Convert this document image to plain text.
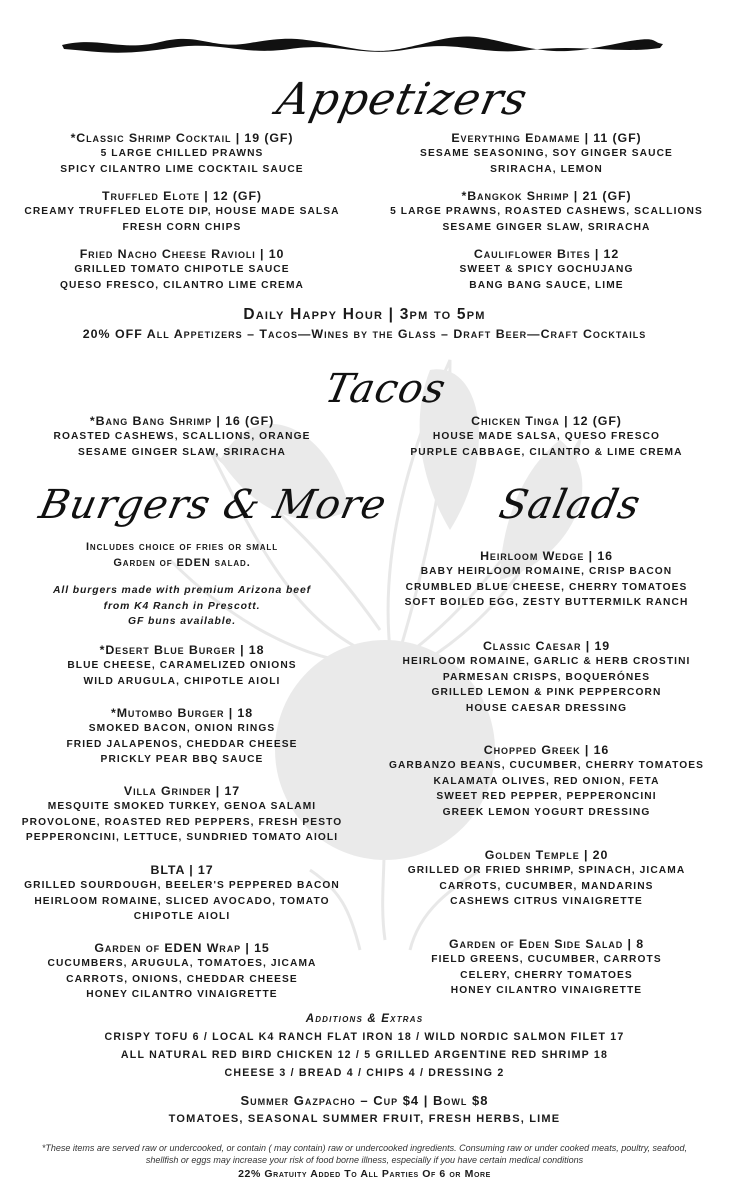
Appetizers
*Classic Shrimp Cocktail | 19 (GF)
5 LARGE CHILLED PRAWNS
SPICY CILANTRO LIME COCKTAIL SAUCE
Truffled Elote | 12 (GF)
CREAMY TRUFFLED ELOTE DIP, HOUSE MADE SALSA
FRESH CORN CHIPS
Fried Nacho Cheese Ravioli | 10
GRILLED TOMATO CHIPOTLE SAUCE
QUESO FRESCO, CILANTRO LIME CREMA
Everything Edamame | 11 (GF)
SESAME SEASONING, SOY GINGER SAUCE
SRIRACHA, LEMON
*Bangkok Shrimp | 21 (GF)
5 LARGE PRAWNS, ROASTED CASHEWS, SCALLIONS
SESAME GINGER SLAW, SRIRACHA
Cauliflower Bites | 12
SWEET & SPICY GOCHUJANG
BANG BANG SAUCE, LIME
Daily Happy Hour | 3pm to 5pm
20% OFF All Appetizers – Tacos—Wines by the Glass – Draft Beer—Craft Cocktails
Tacos
*Bang Bang Shrimp | 16 (GF)
ROASTED CASHEWS, SCALLIONS, ORANGE
SESAME GINGER SLAW, SRIRACHA
Chicken Tinga | 12 (GF)
HOUSE MADE SALSA, QUESO FRESCO
PURPLE CABBAGE, CILANTRO & LIME CREMA
Burgers & More	Salads
Includes choice of fries or small
Garden of EDEN salad.
All burgers made with premium Arizona beef
from K4 Ranch in Prescott.
GF buns available.
*Desert Blue Burger | 18
BLUE CHEESE, CARAMELIZED ONIONS
WILD ARUGULA, CHIPOTLE AIOLI
*Mutombo Burger | 18
SMOKED BACON, ONION RINGS
FRIED JALAPENOS, CHEDDAR CHEESE
PRICKLY PEAR BBQ SAUCE
Villa Grinder | 17
MESQUITE SMOKED TURKEY, GENOA SALAMI
PROVOLONE, ROASTED RED PEPPERS, FRESH PESTO
PEPPERONCINI, LETTUCE, SUNDRIED TOMATO AIOLI
BLTA | 17
GRILLED SOURDOUGH, BEELER'S PEPPERED BACON
HEIRLOOM ROMAINE, SLICED AVOCADO, TOMATO
CHIPOTLE AIOLI
Garden of EDEN Wrap | 15
CUCUMBERS, ARUGULA, TOMATOES, JICAMA
CARROTS, ONIONS, CHEDDAR CHEESE
HONEY CILANTRO VINAIGRETTE
Heirloom Wedge | 16
BABY HEIRLOOM ROMAINE, CRISP BACON
CRUMBLED BLUE CHEESE, CHERRY TOMATOES
SOFT BOILED EGG, ZESTY BUTTERMILK RANCH
Classic Caesar | 19
HEIRLOOM ROMAINE, GARLIC & HERB CROSTINI
PARMESAN CRISPS, BOQUERÓNES
GRILLED LEMON & PINK PEPPERCORN
HOUSE CAESAR DRESSING
Chopped Greek | 16
GARBANZO BEANS, CUCUMBER, CHERRY TOMATOES
KALAMATA OLIVES, RED ONION, FETA
SWEET RED PEPPER, PEPPERONCINI
GREEK LEMON YOGURT DRESSING
Golden Temple | 20
GRILLED OR FRIED SHRIMP, SPINACH, JICAMA
CARROTS, CUCUMBER, MANDARINS
CASHEWS CITRUS VINAIGRETTE
Garden of Eden Side Salad | 8
FIELD GREENS, CUCUMBER, CARROTS
CELERY, CHERRY TOMATOES
HONEY CILANTRO VINAIGRETTE
Additions & Extras
CRISPY TOFU 6 / LOCAL K4 RANCH FLAT IRON 18 / WILD NORDIC SALMON FILET 17
ALL NATURAL RED BIRD CHICKEN 12 / 5 GRILLED ARGENTINE RED SHRIMP 18
CHEESE 3 / BREAD 4 / CHIPS 4 / DRESSING 2
Summer Gazpacho – Cup $4 | Bowl $8
TOMATOES, SEASONAL SUMMER FRUIT, FRESH HERBS, LIME
*These items are served raw or undercooked, or contain ( may contain) raw or undercooked ingredients. Consuming raw or under cooked meats, poultry, seafood, shellfish or eggs may increase your risk of food borne illness, especially if you have certain medical conditions
22% Gratuity Added To All Parties Of 6 or More
